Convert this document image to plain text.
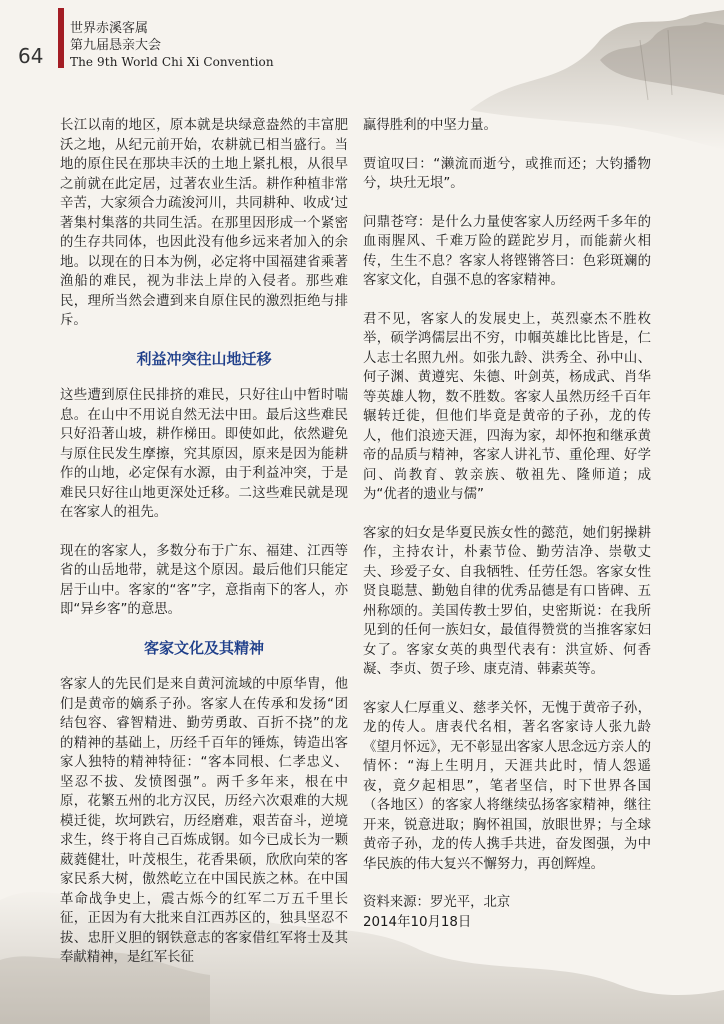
64
世界赤溪客属
第九届恳亲大会
The 9th World Chi Xi Convention

长江以南的地区，原本就是块绿意盎然的丰富肥沃之地，从纪元前开始，农耕就已相当盛行。当地的原住民在那块丰沃的土地上紧扎根，从很早之前就在此定居，过著农业生活。耕作种植非常辛苦，大家须合力疏浚河川，共同耕种、收成‘过著集村集落的共同生活。在那里因形成一个紧密的生存共同体，也因此没有他乡远来者加入的余地。以现在的日本为例，必定将中国福建省乘著渔船的难民，视为非法上岸的入侵者。那些难民，理所当然会遭到来自原住民的激烈拒绝与排斥。

利益冲突往山地迁移

这些遭到原住民排挤的难民，只好往山中暂时喘息。在山中不用说自然无法中田。最后这些难民只好沿著山坡，耕作梯田。即使如此，依然避免与原住民发生摩擦，究其原因，原来是因为能耕作的山地，必定保有水源，由于利益冲突，于是难民只好往山地更深处迁移。二这些难民就是现在客家人的祖先。

现在的客家人，多数分布于广东、福建、江西等省的山岳地带，就是这个原因。最后他们只能定居于山中。客家的“客”字，意指南下的客人，亦即“异乡客”的意思。

客家文化及其精神

客家人的先民们是来自黄河流域的中原华胄，他们是黄帝的嫡系子孙。客家人在传承和发扬“团结包容、睿智精进、勤劳勇敢、百折不挠”的龙的精神的基础上，历经千百年的锤炼，铸造出客家人独特的精神特征：“客本同根、仁孝忠义、坚忍不拔、发愤图强”。两千多年来，根在中原，花繁五州的北方汉民，历经六次艰难的大规模迁徙，坎坷跌宕，历经磨难，艰苦奋斗，逆境求生，终于将自己百炼成钢。如今已成长为一颗葳蕤健壮，叶茂根生，花香果硕，欣欣向荣的客家民系大树，傲然屹立在中国民族之林。在中国革命战争史上，震古烁今的红军二万五千里长征，正因为有大批来自江西苏区的，独具坚忍不拔、忠肝义胆的钢铁意志的客家借红军将士及其奉献精神，是红军长征

赢得胜利的中坚力量。

贾谊叹曰：“濑流而逝兮，或推而还；大钧播物兮，块圱无垠”。

问鼎苍穹：是什么力量使客家人历经两千多年的血雨腥风、千难万险的蹉跎岁月，而能薪火相传，生生不息？客家人将铿锵答曰：色彩斑斓的客家文化，自强不息的客家精神。

君不见，客家人的发展史上，英烈豪杰不胜枚举，硕学鸿儒层出不穷，巾帼英雄比比皆是，仁人志士名照九州。如张九龄、洪秀全、孙中山、何子渊、黄遵宪、朱德、叶剑英，杨成武、肖华等英雄人物，数不胜数。客家人虽然历经千百年辗转迁徙，但他们毕竟是黄帝的子孙，龙的传人，他们浪迹天涯，四海为家，却怀抱和继承黄帝的品质与精神，客家人讲礼节、重伦理、好学问、尚教育、敦亲族、敬祖先、隆师道；成为“优者的遗业与儒”

客家的妇女是华夏民族女性的懿范，她们躬操耕作，主持农计，朴素节俭、勤劳洁净、崇敬丈夫、珍爱子女、自我牺牲、任劳任怨。客家女性贤良聪慧、勤勉自律的优秀品德是有口皆碑、五州称颂的。美国传教士罗伯，史密斯说：在我所见到的任何一族妇女，最值得赞赏的当推客家妇女了。客家女英的典型代表有：洪宣娇、何香凝、李贞、贺子珍、康克清、韩素英等。

客家人仁厚重义、慈孝关怀，无愧于黄帝子孙，龙的传人。唐表代名相，著名客家诗人张九龄《望月怀远》，无不彰显出客家人思念远方亲人的情怀：“海上生明月，天涯共此时，情人怨遥夜，竟夕起相思”，笔者坚信，时下世界各国（各地区）的客家人将继续弘扬客家精神，继往开来，锐意进取；胸怀祖国，放眼世界；与全球黄帝子孙，龙的传人携手共进，奋发图强，为中华民族的伟大复兴不懈努力，再创辉煌。

资料来源：罗光平，北京
2014年10月18日
